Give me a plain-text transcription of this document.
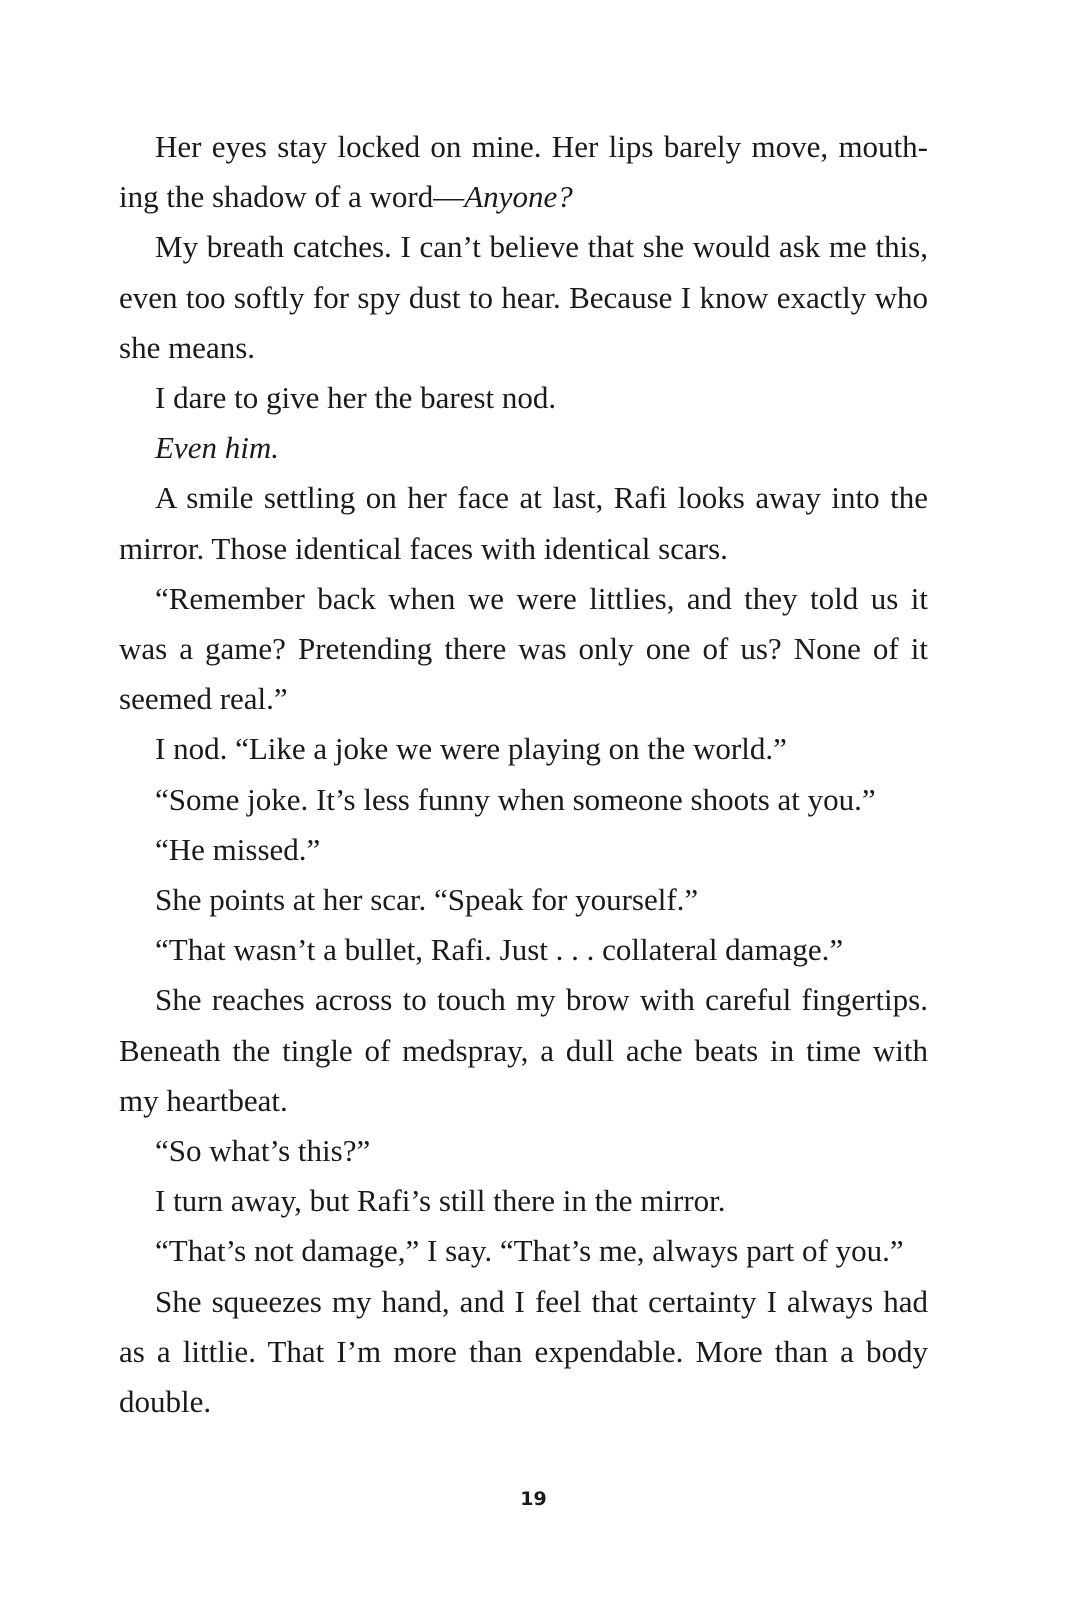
Her eyes stay locked on mine. Her lips barely move, mouthing the shadow of a word—Anyone?

My breath catches. I can’t believe that she would ask me this, even too softly for spy dust to hear. Because I know exactly who she means.

I dare to give her the barest nod.

Even him.

A smile settling on her face at last, Rafi looks away into the mirror. Those identical faces with identical scars.

“Remember back when we were littlies, and they told us it was a game? Pretending there was only one of us? None of it seemed real.”

I nod. “Like a joke we were playing on the world.”

“Some joke. It’s less funny when someone shoots at you.”

“He missed.”

She points at her scar. “Speak for yourself.”

“That wasn’t a bullet, Rafi. Just . . . collateral damage.”

She reaches across to touch my brow with careful fingertips. Beneath the tingle of medspray, a dull ache beats in time with my heartbeat.

“So what’s this?”

I turn away, but Rafi’s still there in the mirror.

“That’s not damage,” I say. “That’s me, always part of you.”

She squeezes my hand, and I feel that certainty I always had as a littlie. That I’m more than expendable. More than a body double.

19
